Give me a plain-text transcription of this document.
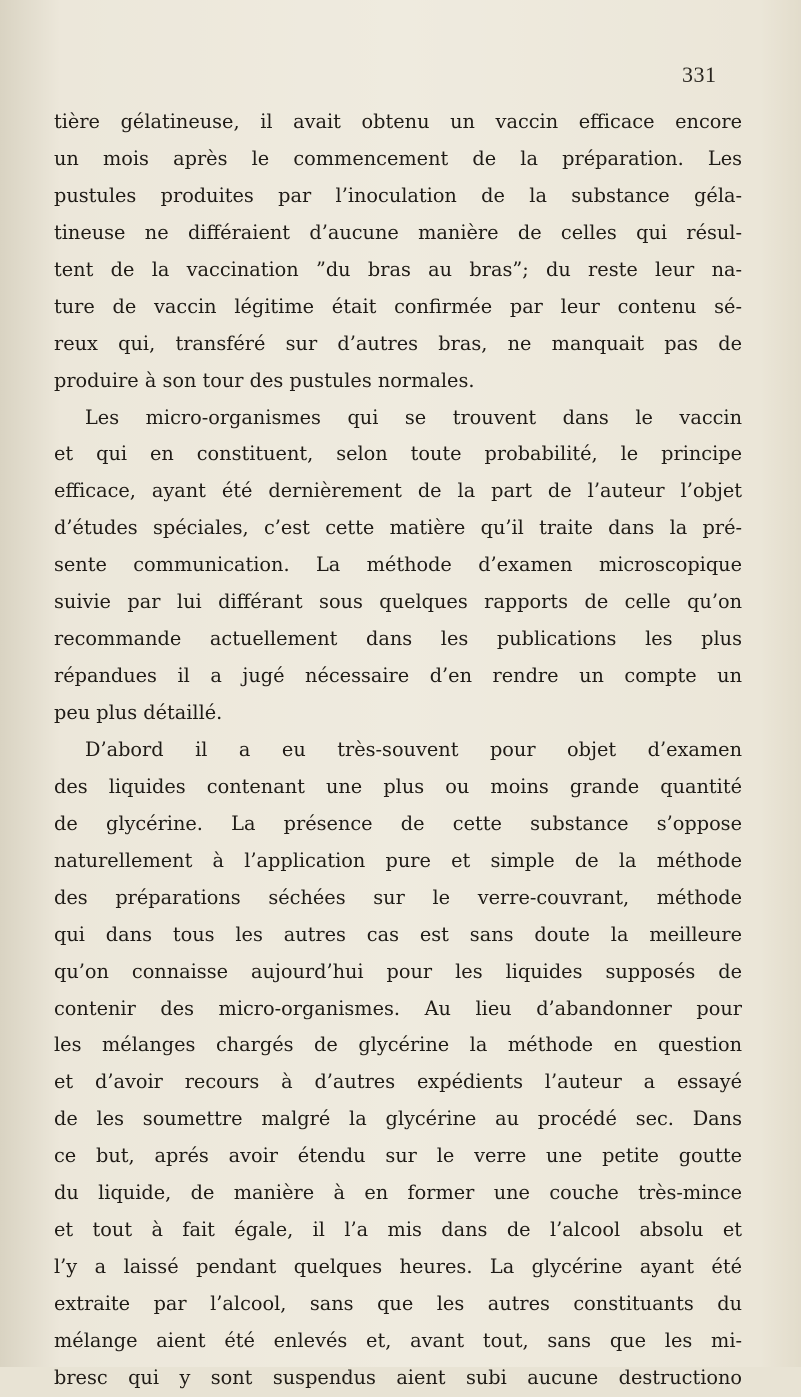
331
tière gélatineuse, il avait obtenu un vaccin efficace encore
un mois après le commencement de la préparation. Les
pustules produites par l’inoculation de la substance géla-
tineuse ne différaient d’aucune manière de celles qui résul-
tent de la vaccination ”du bras au bras”; du reste leur na-
ture de vaccin légitime était confirmée par leur contenu sé-
reux qui, transféré sur d’autres bras, ne manquait pas de
produire à son tour des pustules normales.
Les micro-organismes qui se trouvent dans le vaccin
et qui en constituent, selon toute probabilité, le principe
efficace, ayant été dernièrement de la part de l’auteur l’objet
d’études spéciales, c’est cette matière qu’il traite dans la pré-
sente communication. La méthode d’examen microscopique
suivie par lui différant sous quelques rapports de celle qu’on
recommande actuellement dans les publications les plus
répandues il a jugé nécessaire d’en rendre un compte un
peu plus détaillé.
D’abord il a eu très-souvent pour objet d’examen
des liquides contenant une plus ou moins grande quantité
de glycérine. La présence de cette substance s’oppose
naturellement à l’application pure et simple de la méthode
des préparations séchées sur le verre-couvrant, méthode
qui dans tous les autres cas est sans doute la meilleure
qu’on connaisse aujourd’hui pour les liquides supposés de
contenir des micro-organismes. Au lieu d’abandonner pour
les mélanges chargés de glycérine la méthode en question
et d’avoir recours à d’autres expédients l’auteur a essayé
de les soumettre malgré la glycérine au procédé sec. Dans
ce but, aprés avoir étendu sur le verre une petite goutte
du liquide, de manière à en former une couche très-mince
et tout à fait égale, il l’a mis dans de l’alcool absolu et
l’y a laissé pendant quelques heures. La glycérine ayant été
extraite par l’alcool, sans que les autres constituants du
mélange aient été enlevés et, avant tout, sans que les mi-
bresc qui y sont suspendus aient subi aucune destructiono
